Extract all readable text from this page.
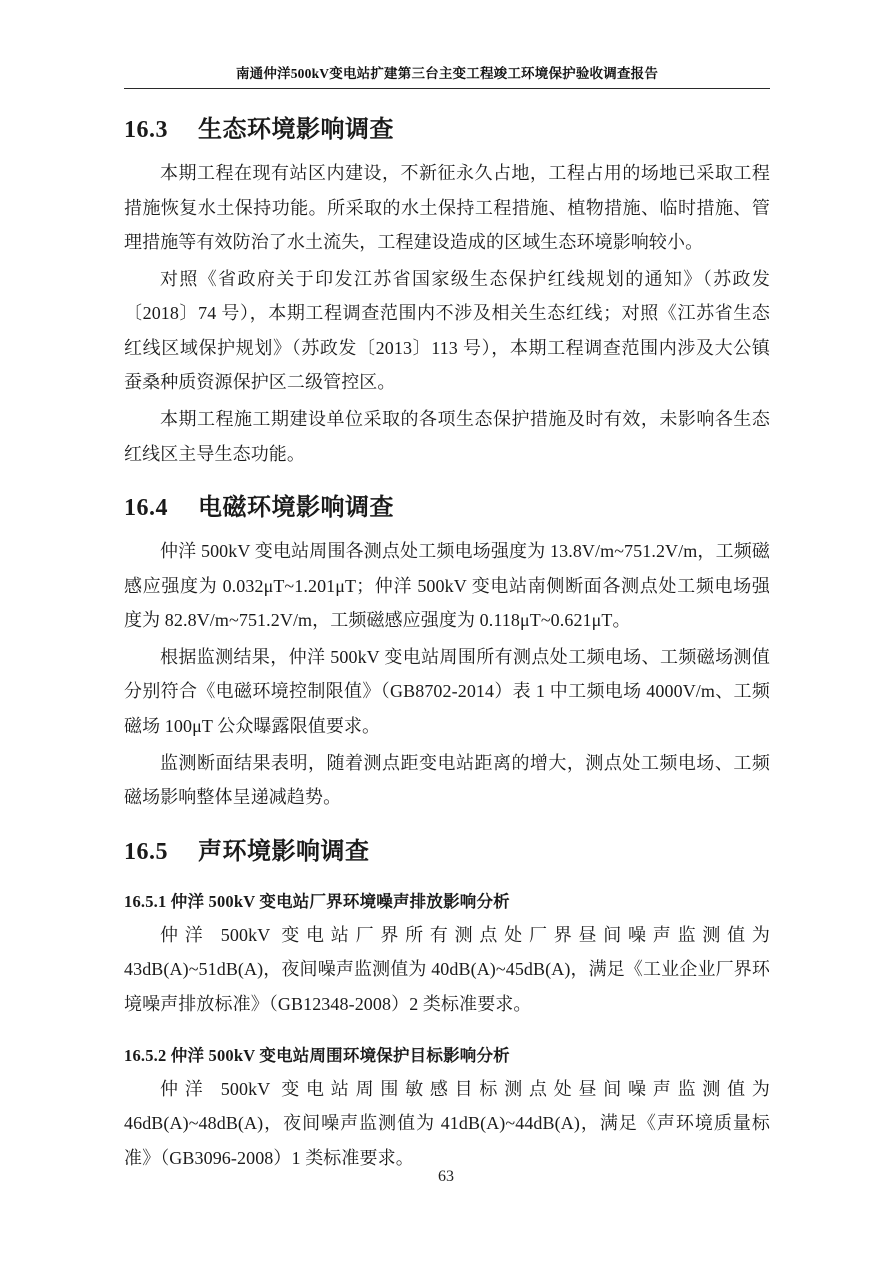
南通仲洋500kV变电站扩建第三台主变工程竣工环境保护验收调查报告
16.3 生态环境影响调查

本期工程在现有站区内建设，不新征永久占地，工程占用的场地已采取工程措施恢复水土保持功能。所采取的水土保持工程措施、植物措施、临时措施、管理措施等有效防治了水土流失，工程建设造成的区域生态环境影响较小。

对照《省政府关于印发江苏省国家级生态保护红线规划的通知》（苏政发〔2018〕74 号），本期工程调查范围内不涉及相关生态红线；对照《江苏省生态红线区域保护规划》（苏政发〔2013〕113 号），本期工程调查范围内涉及大公镇蚕桑种质资源保护区二级管控区。

本期工程施工期建设单位采取的各项生态保护措施及时有效，未影响各生态红线区主导生态功能。

16.4 电磁环境影响调查

仲洋 500kV 变电站周围各测点处工频电场强度为 13.8V/m~751.2V/m，工频磁感应强度为 0.032μT~1.201μT；仲洋 500kV 变电站南侧断面各测点处工频电场强度为 82.8V/m~751.2V/m，工频磁感应强度为 0.118μT~0.621μT。

根据监测结果，仲洋 500kV 变电站周围所有测点处工频电场、工频磁场测值分别符合《电磁环境控制限值》（GB8702-2014）表 1 中工频电场 4000V/m、工频磁场 100μT 公众曝露限值要求。

监测断面结果表明，随着测点距变电站距离的增大，测点处工频电场、工频磁场影响整体呈递减趋势。

16.5 声环境影响调查
16.5.1 仲洋 500kV 变电站厂界环境噪声排放影响分析

仲洋 500kV 变电站厂界所有测点处厂界昼间噪声监测值为 43dB(A)~51dB(A)，夜间噪声监测值为 40dB(A)~45dB(A)，满足《工业企业厂界环境噪声排放标准》（GB12348-2008）2 类标准要求。

16.5.2 仲洋 500kV 变电站周围环境保护目标影响分析

仲洋 500kV 变电站周围敏感目标测点处昼间噪声监测值为 46dB(A)~48dB(A)，夜间噪声监测值为 41dB(A)~44dB(A)，满足《声环境质量标准》（GB3096-2008）1 类标准要求。

63
